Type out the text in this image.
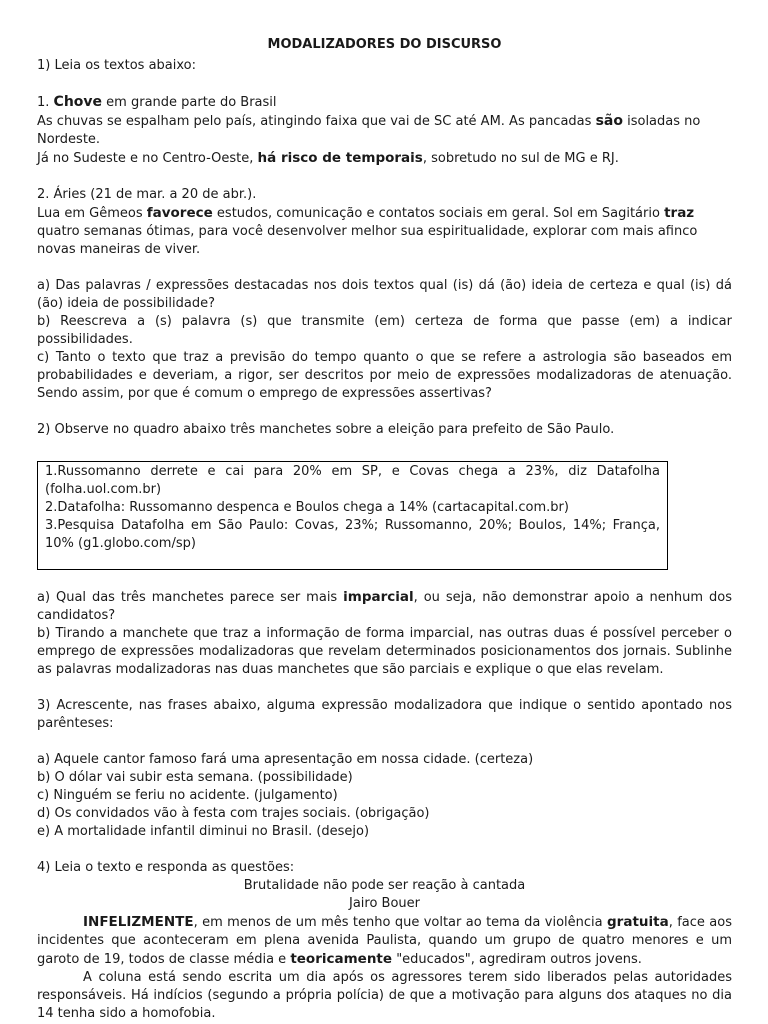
MODALIZADORES DO DISCURSO

1) Leia os textos abaixo:

1. Chove em grande parte do Brasil

As chuvas se espalham pelo país, atingindo faixa que vai de SC até AM. As pancadas são isoladas no Nordeste.
Já no Sudeste e no Centro-Oeste, há risco de temporais, sobretudo no sul de MG e RJ.

2. Áries (21 de mar. a 20 de abr.).

Lua em Gêmeos favorece estudos, comunicação e contatos sociais em geral. Sol em Sagitário traz quatro semanas ótimas, para você desenvolver melhor sua espiritualidade, explorar com mais afinco novas maneiras de viver.

a) Das palavras / expressões destacadas nos dois textos qual (is) dá (ão) ideia de certeza e qual (is) dá (ão) ideia de possibilidade?

b) Reescreva a (s) palavra (s) que transmite (em) certeza de forma que passe (em) a indicar possibilidades.

c) Tanto o texto que traz a previsão do tempo quanto o que se refere a astrologia são baseados em probabilidades e deveriam, a rigor, ser descritos por meio de expressões modalizadoras de atenuação. Sendo assim, por que é comum o emprego de expressões assertivas?

2) Observe no quadro abaixo três manchetes sobre a eleição para prefeito de São Paulo.

1.Russomanno derrete e cai para 20% em SP, e Covas chega a 23%, diz Datafolha (folha.uol.com.br)

2.Datafolha: Russomanno despenca e Boulos chega a 14% (cartacapital.com.br)

3.Pesquisa Datafolha em São Paulo: Covas, 23%; Russomanno, 20%; Boulos, 14%; França, 10% (g1.globo.com/sp)

a) Qual das três manchetes parece ser mais imparcial, ou seja, não demonstrar apoio a nenhum dos candidatos?

b) Tirando a manchete que traz a informação de forma imparcial, nas outras duas é possível perceber o emprego de expressões modalizadoras que revelam determinados posicionamentos dos jornais. Sublinhe as palavras modalizadoras nas duas manchetes que são parciais e explique o que elas revelam.

3) Acrescente, nas frases abaixo, alguma expressão modalizadora que indique o sentido apontado nos parênteses:

a) Aquele cantor famoso fará uma apresentação em nossa cidade. (certeza)

b) O dólar vai subir esta semana. (possibilidade)

c) Ninguém se feriu no acidente. (julgamento)

d) Os convidados vão à festa com trajes sociais. (obrigação)

e) A mortalidade infantil diminui no Brasil. (desejo)

4) Leia o texto e responda as questões:

Brutalidade não pode ser reação à cantada

Jairo Bouer

INFELIZMENTE, em menos de um mês tenho que voltar ao tema da violência gratuita, face aos incidentes que aconteceram em plena avenida Paulista, quando um grupo de quatro menores e um garoto de 19, todos de classe média e teoricamente "educados", agrediram outros jovens.

A coluna está sendo escrita um dia após os agressores terem sido liberados pelas autoridades responsáveis. Há indícios (segundo a própria polícia) de que a motivação para alguns dos ataques no dia 14 tenha sido a homofobia.
